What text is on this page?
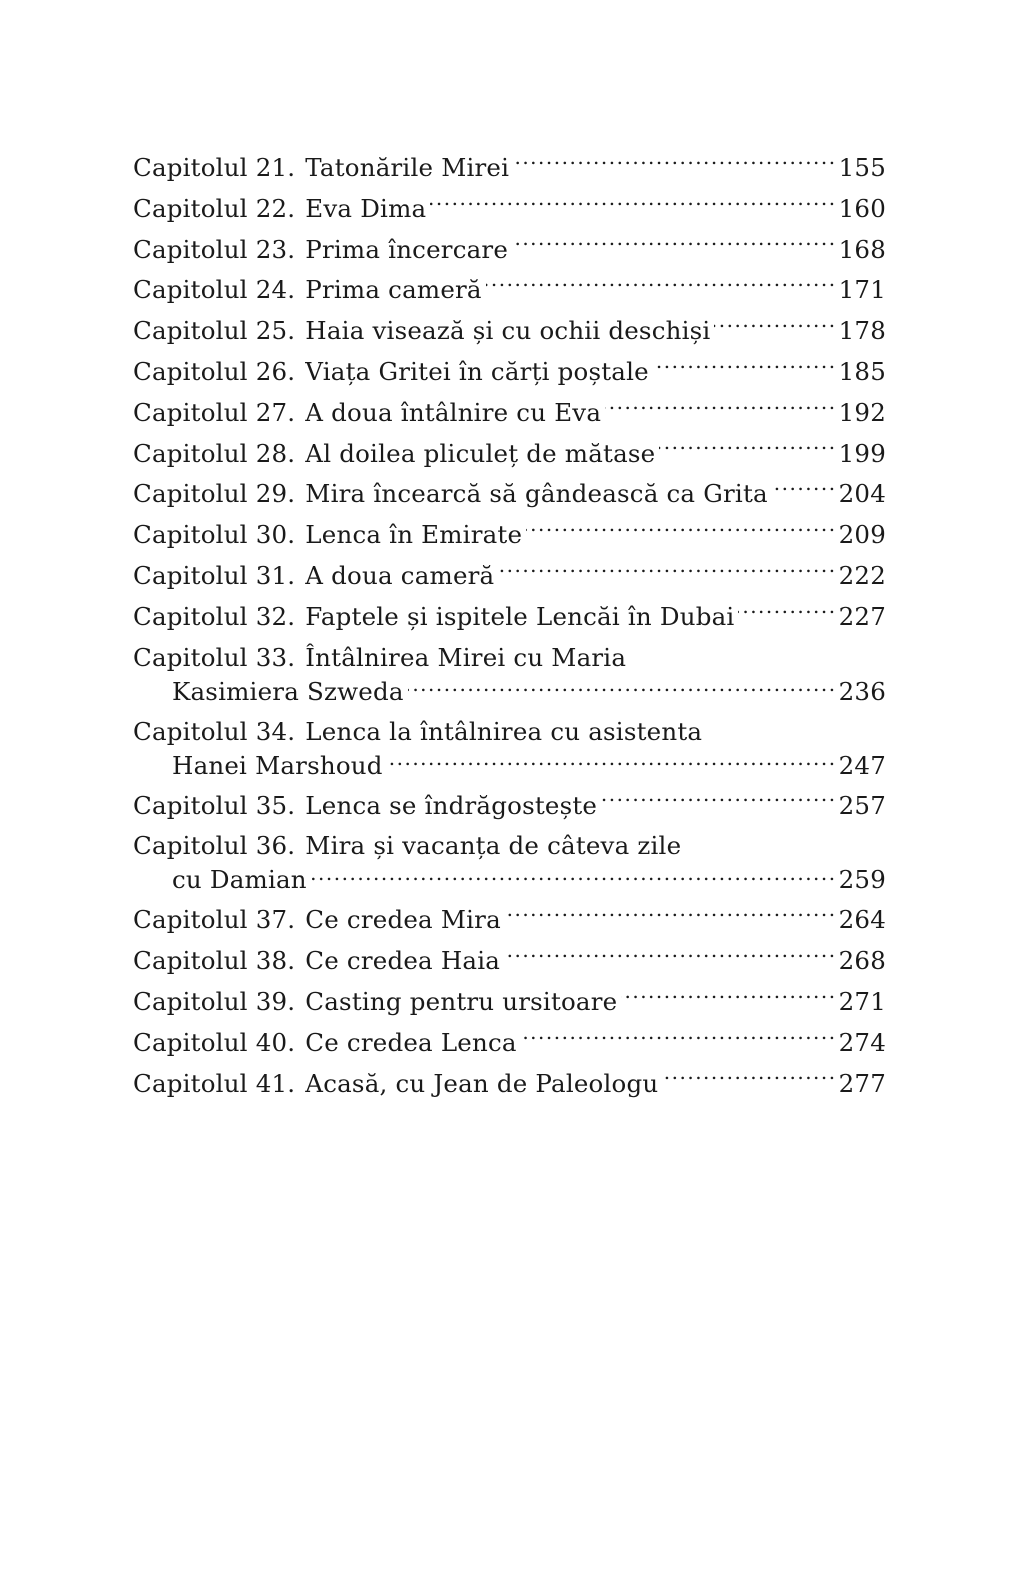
Capitolul 21. Tatonările Mirei .....	155
Capitolul 22. Eva Dima .....	160
Capitolul 23. Prima încercare .....	168
Capitolul 24. Prima cameră .....	171
Capitolul 25. Haia visează și cu ochii deschiși .....	178
Capitolul 26. Viața Gritei în cărți poștale .....	185
Capitolul 27. A doua întâlnire cu Eva .....	192
Capitolul 28. Al doilea pliculeț de mătase .....	199
Capitolul 29. Mira încearcă să gândească ca Grita .....	204
Capitolul 30. Lenca în Emirate .....	209
Capitolul 31. A doua cameră .....	222
Capitolul 32. Faptele și ispitele Lencăi în Dubai .....	227
Capitolul 33. Întâlnirea Mirei cu Maria
Kasimiera Szweda .....	236
Capitolul 34. Lenca la întâlnirea cu asistenta
Hanei Marshoud .....	247
Capitolul 35. Lenca se îndrăgostește .....	257
Capitolul 36. Mira și vacanța de câteva zile
cu Damian .....	259
Capitolul 37. Ce credea Mira .....	264
Capitolul 38. Ce credea Haia .....	268
Capitolul 39. Casting pentru ursitoare .....	271
Capitolul 40. Ce credea Lenca .....	274
Capitolul 41. Acasă, cu Jean de Paleologu .....	277
